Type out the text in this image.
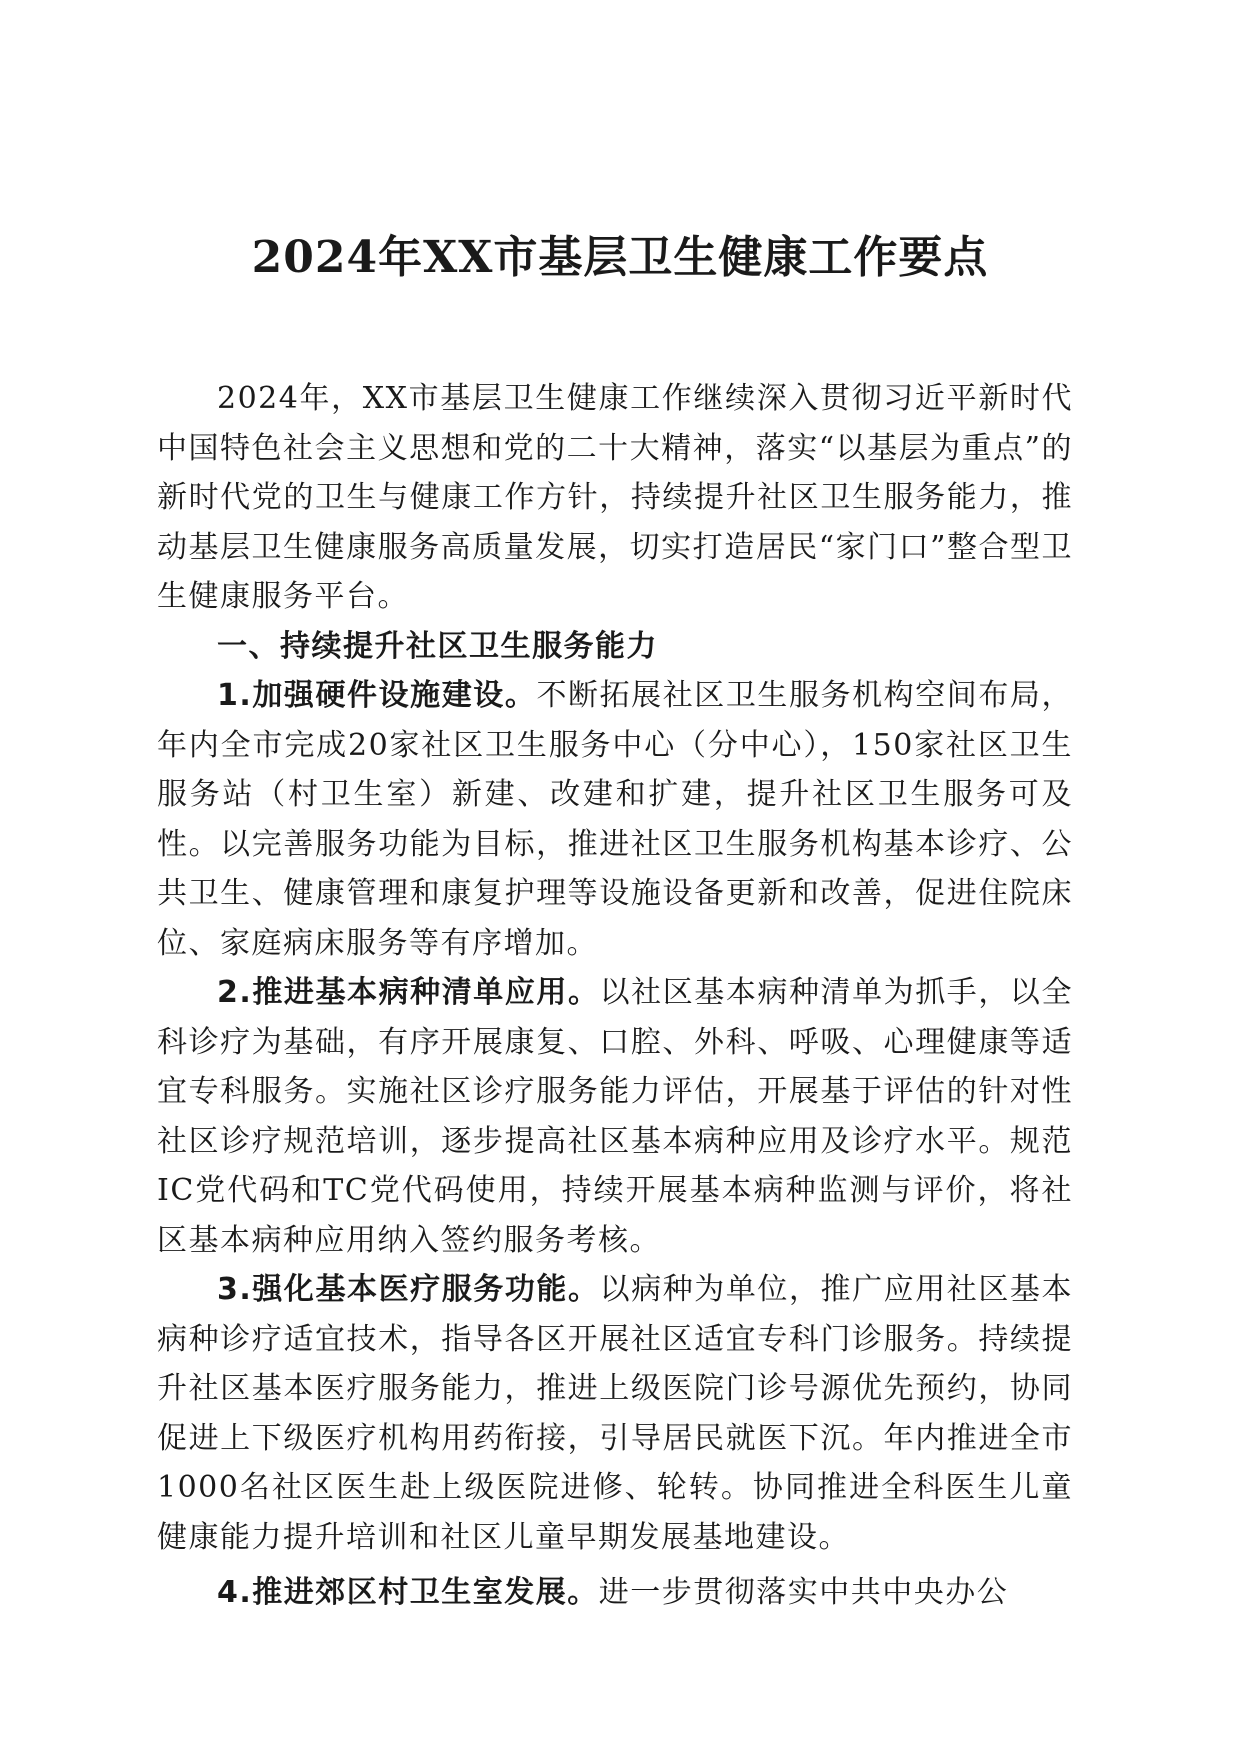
2024年XX市基层卫生健康工作要点

2024年，XX市基层卫生健康工作继续深入贯彻习近平新时代中国特色社会主义思想和党的二十大精神，落实“以基层为重点”的新时代党的卫生与健康工作方针，持续提升社区卫生服务能力，推动基层卫生健康服务高质量发展，切实打造居民“家门口”整合型卫生健康服务平台。

一、持续提升社区卫生服务能力

1.加强硬件设施建设。不断拓展社区卫生服务机构空间布局，年内全市完成20家社区卫生服务中心（分中心），150家社区卫生服务站（村卫生室）新建、改建和扩建，提升社区卫生服务可及性。以完善服务功能为目标，推进社区卫生服务机构基本诊疗、公共卫生、健康管理和康复护理等设施设备更新和改善，促进住院床位、家庭病床服务等有序增加。

2.推进基本病种清单应用。以社区基本病种清单为抓手，以全科诊疗为基础，有序开展康复、口腔、外科、呼吸、心理健康等适宜专科服务。实施社区诊疗服务能力评估，开展基于评估的针对性社区诊疗规范培训，逐步提高社区基本病种应用及诊疗水平。规范IC党代码和TC党代码使用，持续开展基本病种监测与评价，将社区基本病种应用纳入签约服务考核。

3.强化基本医疗服务功能。以病种为单位，推广应用社区基本病种诊疗适宜技术，指导各区开展社区适宜专科门诊服务。持续提升社区基本医疗服务能力，推进上级医院门诊号源优先预约，协同促进上下级医疗机构用药衔接，引导居民就医下沉。年内推进全市1000名社区医生赴上级医院进修、轮转。协同推进全科医生儿童健康能力提升培训和社区儿童早期发展基地建设。

4.推进郊区村卫生室发展。进一步贯彻落实中共中央办公
